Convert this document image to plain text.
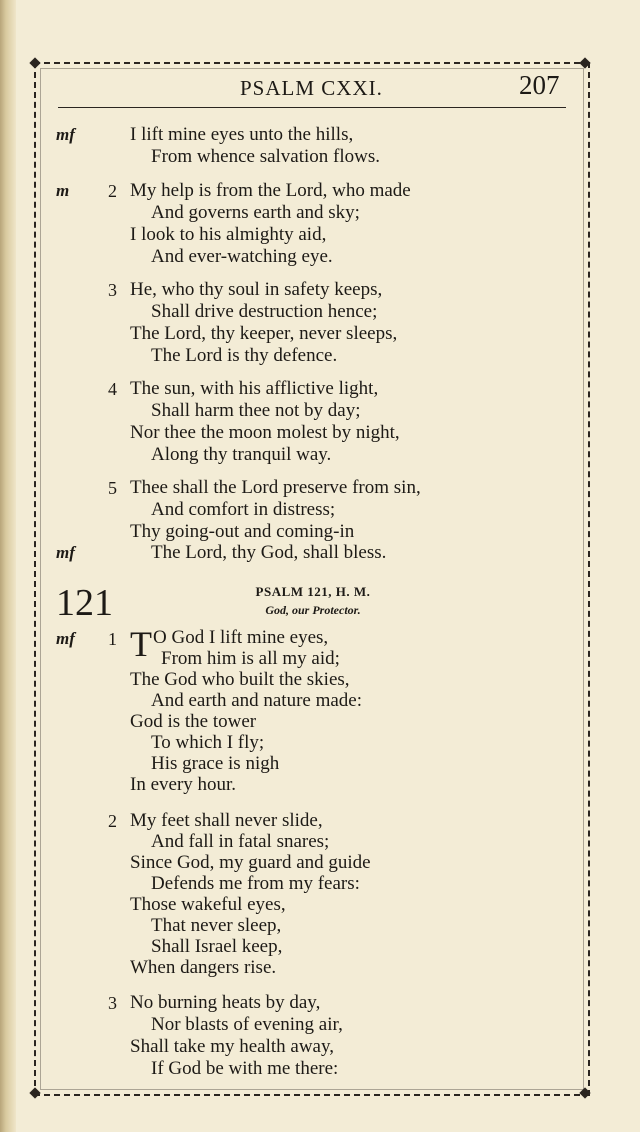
PSALM CXXI.	207
mf	I lift mine eyes unto the hills,
From whence salvation flows.
m 2 My help is from the Lord, who made
And governs earth and sky;
I look to his almighty aid,
And ever-watching eye.
3 He, who thy soul in safety keeps,
Shall drive destruction hence;
The Lord, thy keeper, never sleeps,
The Lord is thy defence.
4 The sun, with his afflictive light,
Shall harm thee not by day;
Nor thee the moon molest by night,
Along thy tranquil way.
5 Thee shall the Lord preserve from sin,
And comfort in distress;
Thy going-out and coming-in
mf	The Lord, thy God, shall bless.
121	PSALM 121, H. M.
God, our Protector.
mf 1 T O God I lift mine eyes,
From him is all my aid;
The God who built the skies,
And earth and nature made:
God is the tower
To which I fly;
His grace is nigh
In every hour.
2 My feet shall never slide,
And fall in fatal snares;
Since God, my guard and guide
Defends me from my fears:
Those wakeful eyes,
That never sleep,
Shall Israel keep,
When dangers rise.
3 No burning heats by day,
Nor blasts of evening air,
Shall take my health away,
If God be with me there:
